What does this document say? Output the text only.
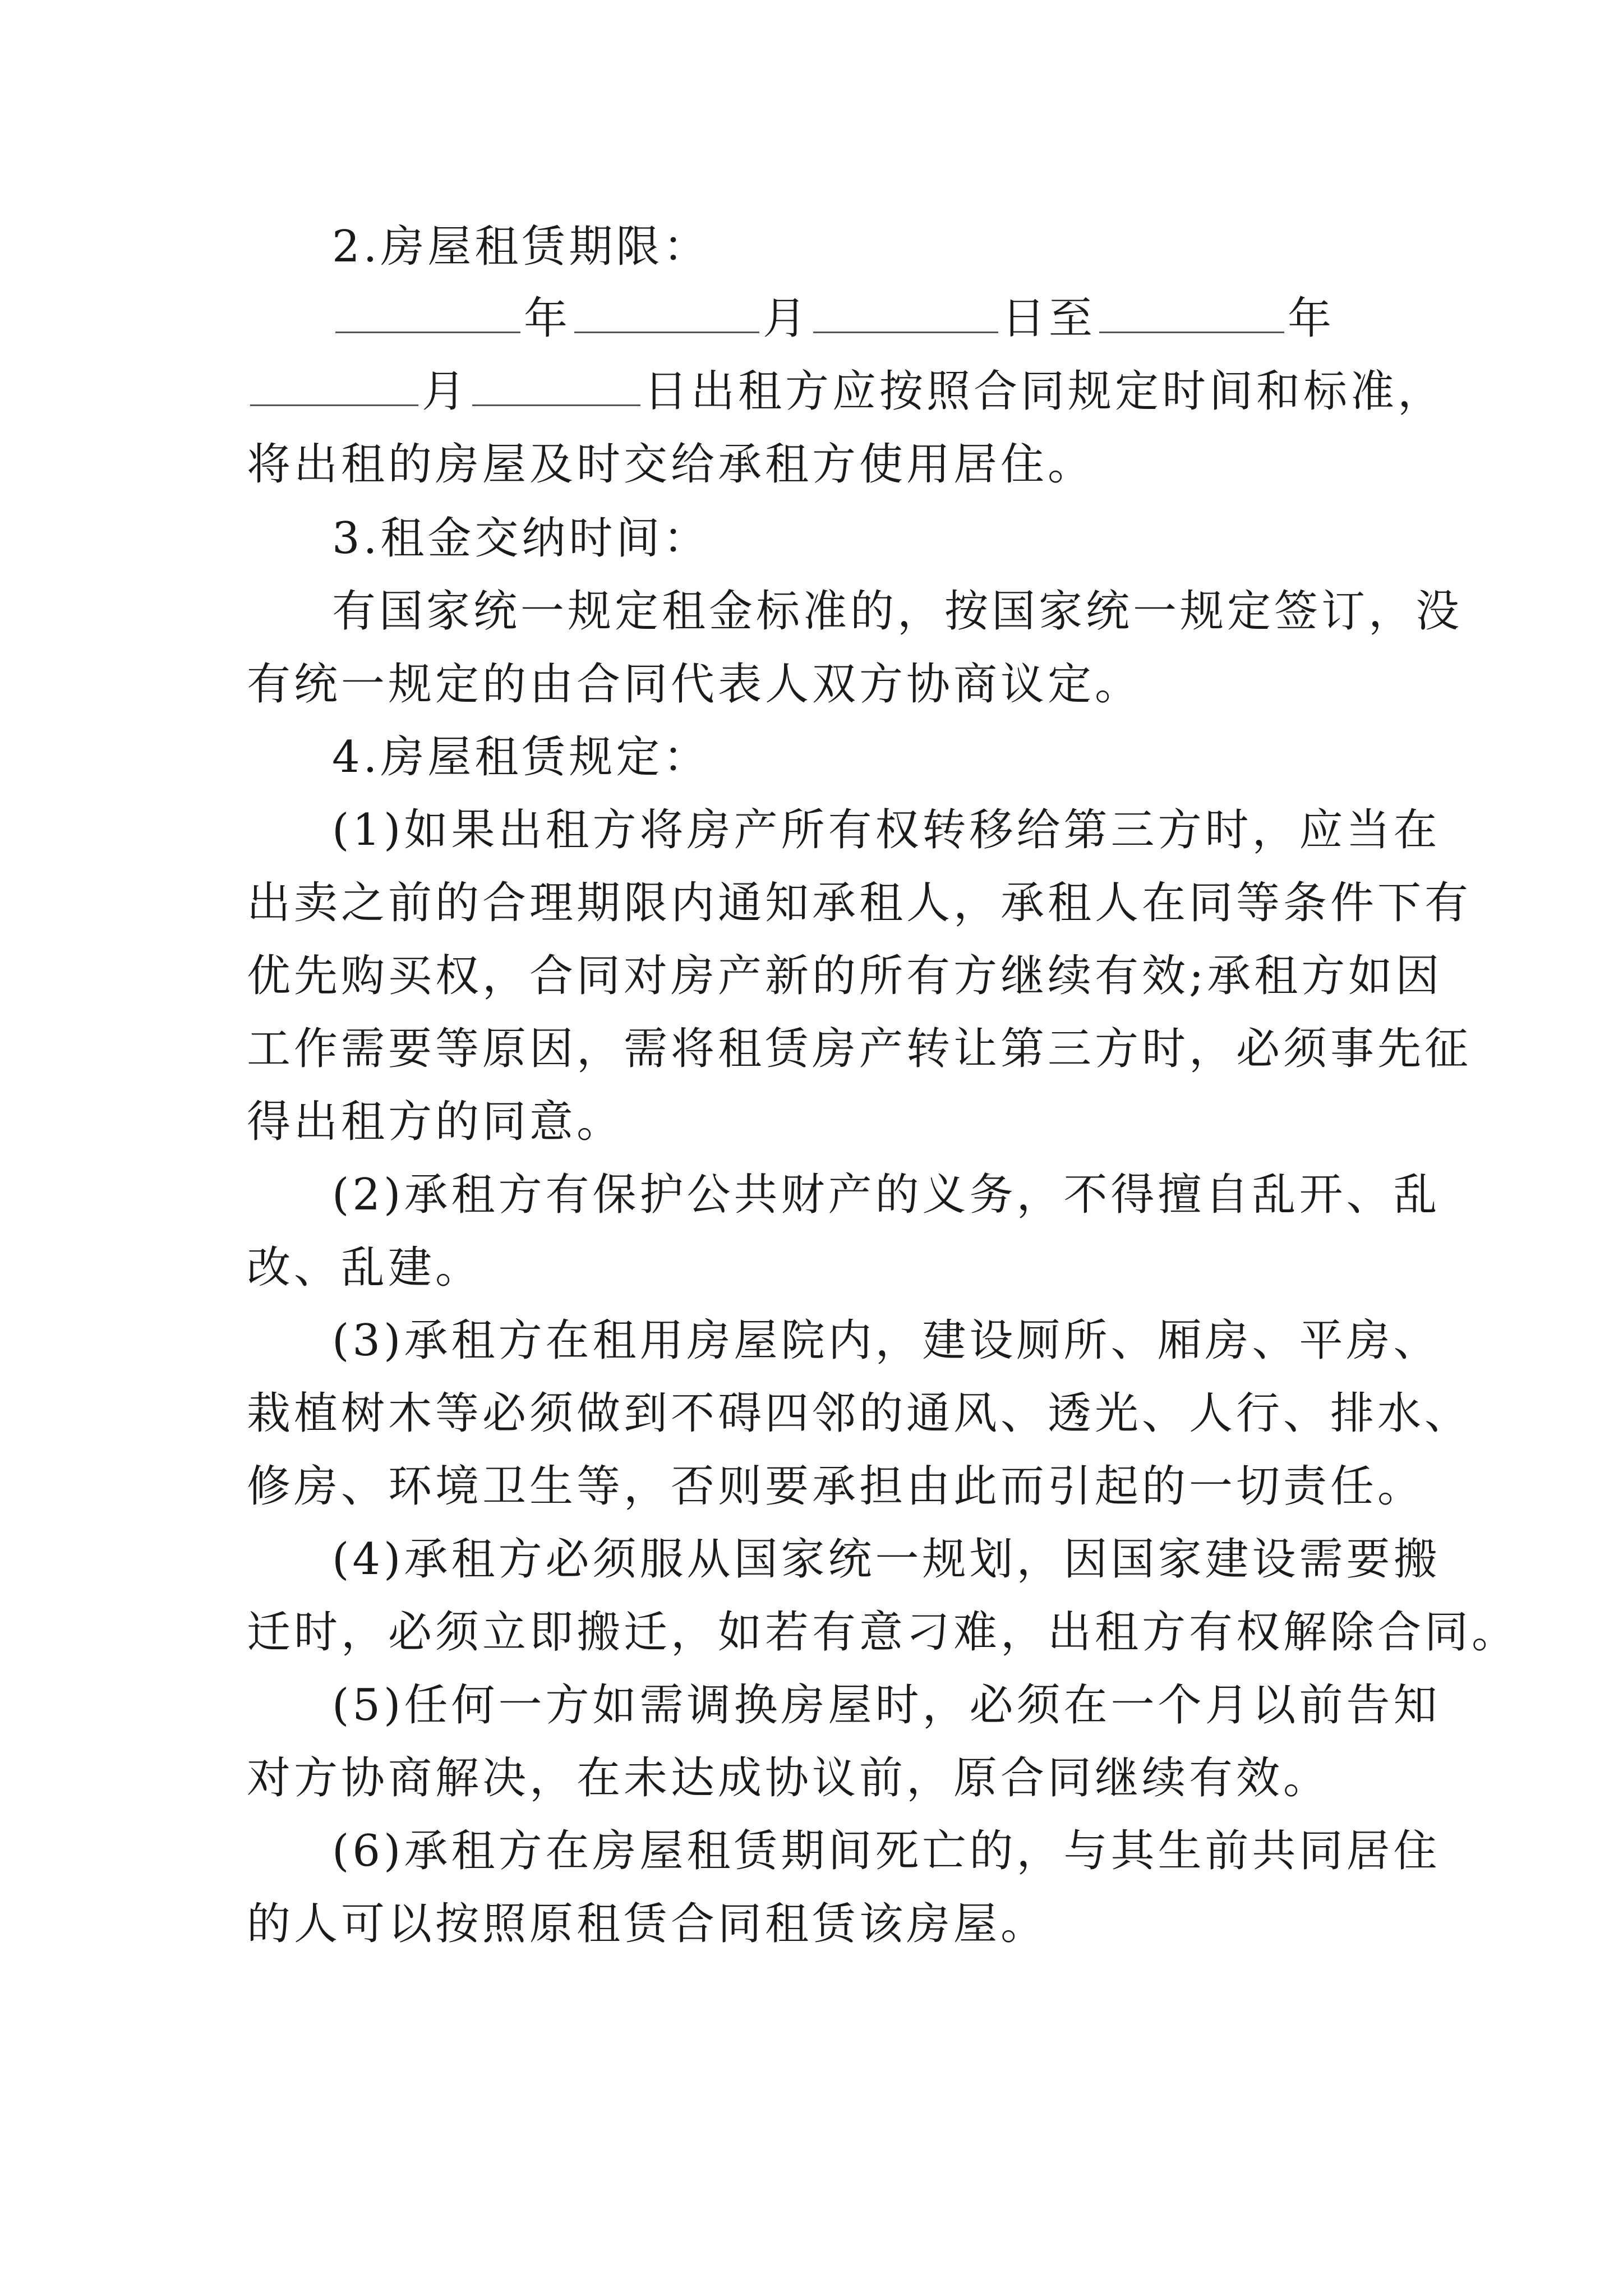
2.房屋租赁期限：
年	月	日至	年
月	日出租方应按照合同规定时间和标准，
将出租的房屋及时交给承租方使用居住。
3.租金交纳时间：
有国家统一规定租金标准的，按国家统一规定签订，没
有统一规定的由合同代表人双方协商议定。
4.房屋租赁规定：
(1)如果出租方将房产所有权转移给第三方时，应当在
出卖之前的合理期限内通知承租人，承租人在同等条件下有
优先购买权，合同对房产新的所有方继续有效;承租方如因
工作需要等原因，需将租赁房产转让第三方时，必须事先征
得出租方的同意。
(2)承租方有保护公共财产的义务，不得擅自乱开、乱
改、乱建。
(3)承租方在租用房屋院内，建设厕所、厢房、平房、
栽植树木等必须做到不碍四邻的通风、透光、人行、排水、
修房、环境卫生等，否则要承担由此而引起的一切责任。
(4)承租方必须服从国家统一规划，因国家建设需要搬
迁时，必须立即搬迁，如若有意刁难，出租方有权解除合同。
(5)任何一方如需调换房屋时，必须在一个月以前告知
对方协商解决，在未达成协议前，原合同继续有效。
(6)承租方在房屋租赁期间死亡的，与其生前共同居住
的人可以按照原租赁合同租赁该房屋。
